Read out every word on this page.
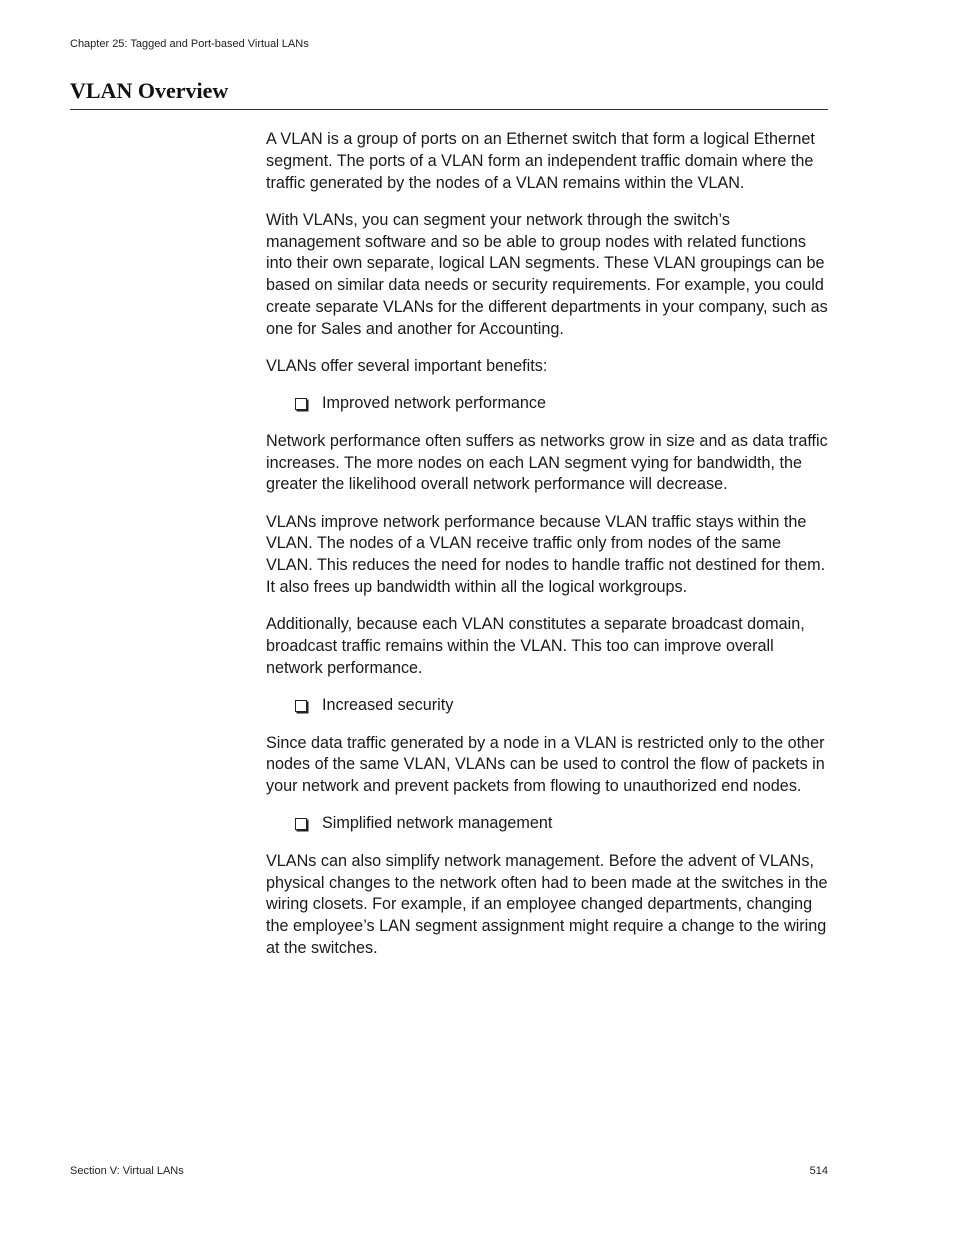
Chapter 25: Tagged and Port-based Virtual LANs
VLAN Overview

A VLAN is a group of ports on an Ethernet switch that form a logical Ethernet segment. The ports of a VLAN form an independent traffic domain where the traffic generated by the nodes of a VLAN remains within the VLAN.

With VLANs, you can segment your network through the switch’s management software and so be able to group nodes with related functions into their own separate, logical LAN segments. These VLAN groupings can be based on similar data needs or security requirements. For example, you could create separate VLANs for the different departments in your company, such as one for Sales and another for Accounting.

VLANs offer several important benefits:

Improved network performance

Network performance often suffers as networks grow in size and as data traffic increases. The more nodes on each LAN segment vying for bandwidth, the greater the likelihood overall network performance will decrease.

VLANs improve network performance because VLAN traffic stays within the VLAN. The nodes of a VLAN receive traffic only from nodes of the same VLAN. This reduces the need for nodes to handle traffic not destined for them. It also frees up bandwidth within all the logical workgroups.

Additionally, because each VLAN constitutes a separate broadcast domain, broadcast traffic remains within the VLAN. This too can improve overall network performance.

Increased security

Since data traffic generated by a node in a VLAN is restricted only to the other nodes of the same VLAN, VLANs can be used to control the flow of packets in your network and prevent packets from flowing to unauthorized end nodes.

Simplified network management

VLANs can also simplify network management. Before the advent of VLANs, physical changes to the network often had to been made at the switches in the wiring closets. For example, if an employee changed departments, changing the employee’s LAN segment assignment might require a change to the wiring at the switches.

Section V: Virtual LANs	514
